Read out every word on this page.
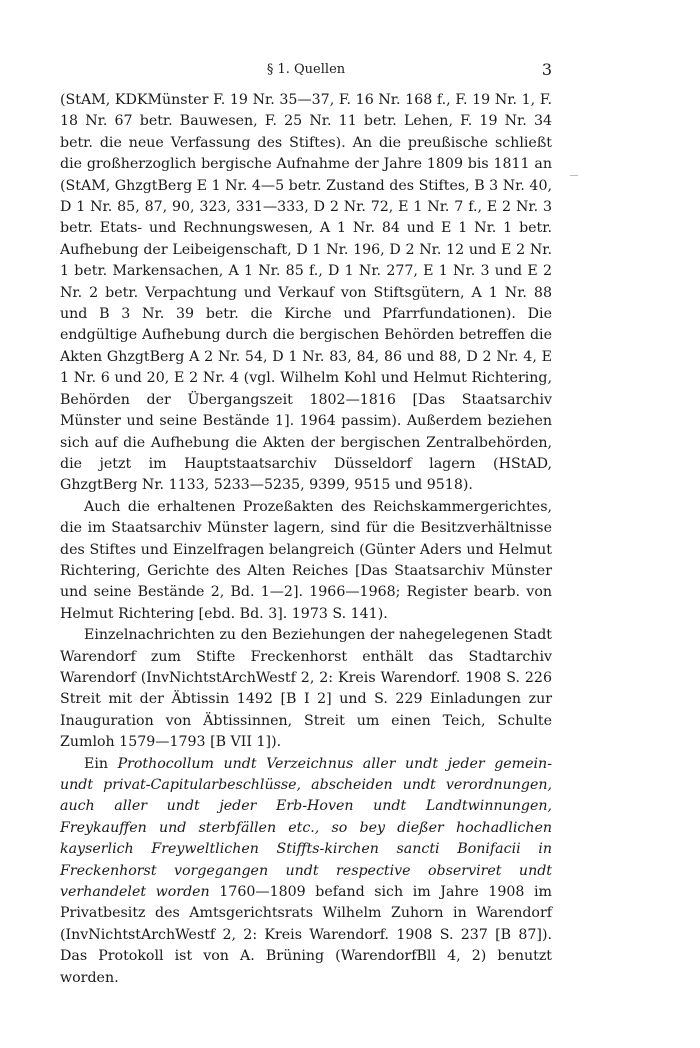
§ 1. Quellen	3

(StAM, KDKMünster F. 19 Nr. 35—37, F. 16 Nr. 168 f., F. 19 Nr. 1, F. 18 Nr. 67 betr. Bauwesen, F. 25 Nr. 11 betr. Lehen, F. 19 Nr. 34 betr. die neue Verfassung des Stiftes). An die preußische schließt die großherzoglich bergische Aufnahme der Jahre 1809 bis 1811 an (StAM, GhzgtBerg E 1 Nr. 4—5 betr. Zustand des Stiftes, B 3 Nr. 40, D 1 Nr. 85, 87, 90, 323, 331—333, D 2 Nr. 72, E 1 Nr. 7 f., E 2 Nr. 3 betr. Etats- und Rechnungswesen, A 1 Nr. 84 und E 1 Nr. 1 betr. Aufhebung der Leibeigenschaft, D 1 Nr. 196, D 2 Nr. 12 und E 2 Nr. 1 betr. Markensachen, A 1 Nr. 85 f., D 1 Nr. 277, E 1 Nr. 3 und E 2 Nr. 2 betr. Verpachtung und Verkauf von Stiftsgütern, A 1 Nr. 88 und B 3 Nr. 39 betr. die Kirche und Pfarrfundationen). Die endgültige Aufhebung durch die bergischen Behörden betreffen die Akten GhzgtBerg A 2 Nr. 54, D 1 Nr. 83, 84, 86 und 88, D 2 Nr. 4, E 1 Nr. 6 und 20, E 2 Nr. 4 (vgl. Wilhelm Kohl und Helmut Richtering, Behörden der Übergangszeit 1802—1816 [Das Staatsarchiv Münster und seine Bestände 1]. 1964 passim). Außerdem beziehen sich auf die Aufhebung die Akten der bergischen Zentralbehörden, die jetzt im Hauptstaatsarchiv Düsseldorf lagern (HStAD, GhzgtBerg Nr. 1133, 5233—5235, 9399, 9515 und 9518).

Auch die erhaltenen Prozeßakten des Reichskammergerichtes, die im Staatsarchiv Münster lagern, sind für die Besitzverhältnisse des Stiftes und Einzelfragen belangreich (Günter Aders und Helmut Richtering, Gerichte des Alten Reiches [Das Staatsarchiv Münster und seine Bestände 2, Bd. 1—2]. 1966—1968; Register bearb. von Helmut Richtering [ebd. Bd. 3]. 1973 S. 141).

Einzelnachrichten zu den Beziehungen der nahegelegenen Stadt Warendorf zum Stifte Freckenhorst enthält das Stadtarchiv Warendorf (InvNichtstArchWestf 2, 2: Kreis Warendorf. 1908 S. 226 Streit mit der Äbtissin 1492 [B I 2] und S. 229 Einladungen zur Inauguration von Äbtissinnen, Streit um einen Teich, Schulte Zumloh 1579—1793 [B VII 1]).

Ein Prothocollum undt Verzeichnus aller undt jeder gemein- undt privat-Capitularbeschlüsse, abscheiden undt verordnungen, auch aller undt jeder Erb-Hoven undt Landtwinnungen, Freykauffen und sterbfällen etc., so bey dießer hochadlichen kayserlich Freyweltlichen Stiffts-kirchen sancti Bonifacii in Freckenhorst vorgegangen undt respective observiret undt verhandelet worden 1760—1809 befand sich im Jahre 1908 im Privatbesitz des Amtsgerichtsrats Wilhelm Zuhorn in Warendorf (InvNichtstArchWestf 2, 2: Kreis Warendorf. 1908 S. 237 [B 87]). Das Protokoll ist von A. Brüning (WarendorfBll 4, 2) benutzt worden.
